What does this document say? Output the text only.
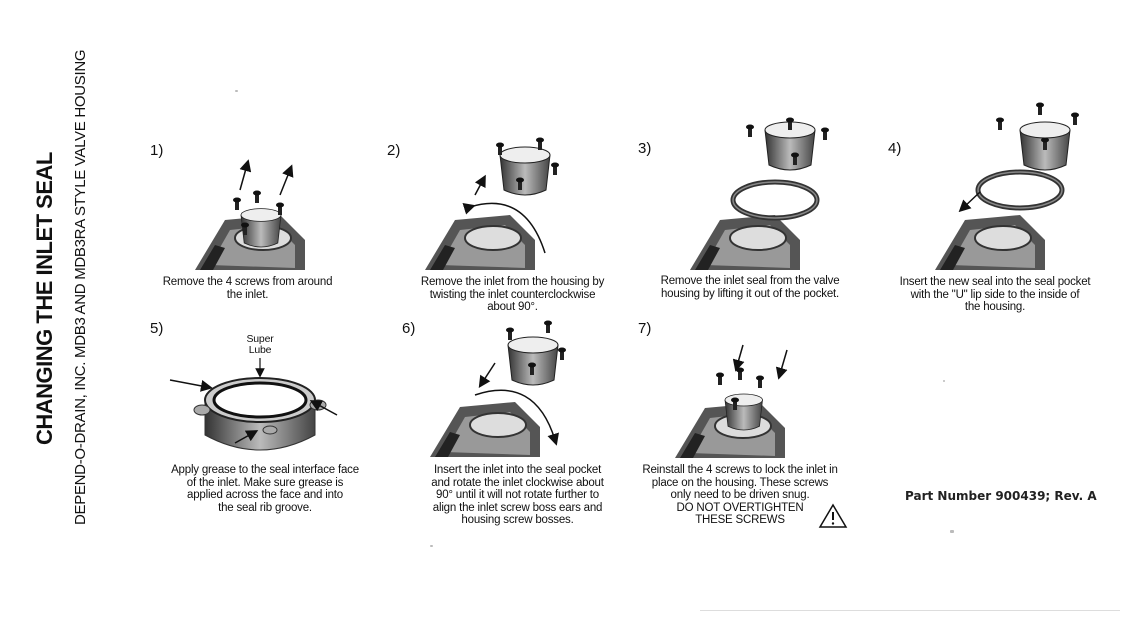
CHANGING THE INLET SEAL DEPEND-O-DRAIN, INC. MDB3 AND MDB3RA STYLE VALVE HOUSING	1)
Remove the 4 screws from around
the inlet.
2)
Remove the inlet from the housing by
twisting the inlet counterclockwise
about 90°.
3)
Remove the inlet seal from the valve
housing by lifting it out of the pocket.
4)
Insert the new seal into the seal pocket
with the "U" lip side to the inside of
the housing.
5)
Super
Lube
Apply grease to the seal interface face
of the inlet. Make sure grease is
applied across the face and into
the seal rib groove.
6)
Insert the inlet into the seal pocket
and rotate the inlet clockwise about
90° until it will not rotate further to
align the inlet screw boss ears and
housing screw bosses.
7)
Reinstall the 4 screws to lock the inlet in
place on the housing. These screws
only need to be driven snug.
DO NOT OVERTIGHTEN
THESE SCREWS
Part Number 900439; Rev. A
